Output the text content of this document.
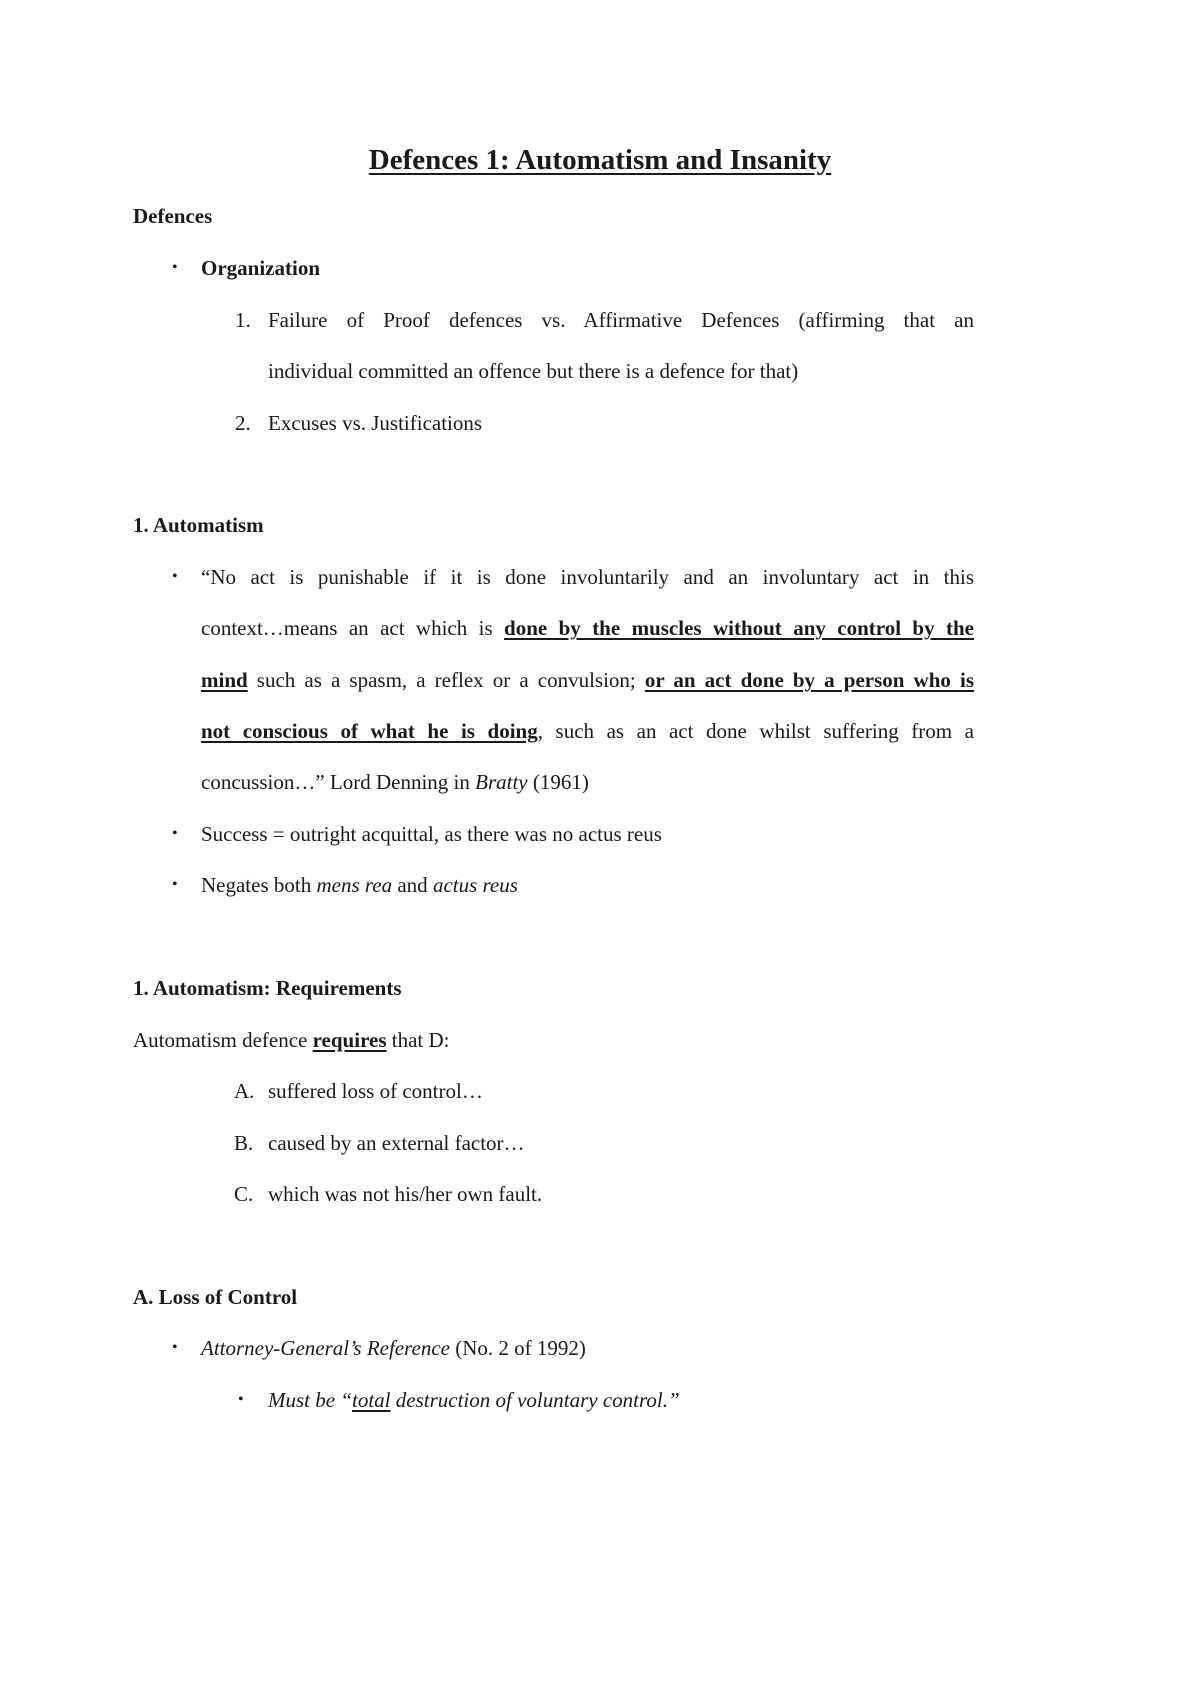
Defences 1: Automatism and Insanity
Defences
• Organization
1. Failure of Proof defences vs. Affirmative Defences (affirming that an
individual committed an offence but there is a defence for that)
2. Excuses vs. Justifications
1. Automatism
• “No act is punishable if it is done involuntarily and an involuntary act in this
context…means an act which is done by the muscles without any control by the
mind such as a spasm, a reflex or a convulsion; or an act done by a person who is
not conscious of what he is doing, such as an act done whilst suffering from a
concussion…” Lord Denning in Bratty (1961)
• Success = outright acquittal, as there was no actus reus
• Negates both mens rea and actus reus
1. Automatism: Requirements
Automatism defence requires that D:
A. suffered loss of control…
B. caused by an external factor…
C. which was not his/her own fault.
A. Loss of Control
• Attorney-General’s Reference (No. 2 of 1992)
• Must be “total destruction of voluntary control.”
